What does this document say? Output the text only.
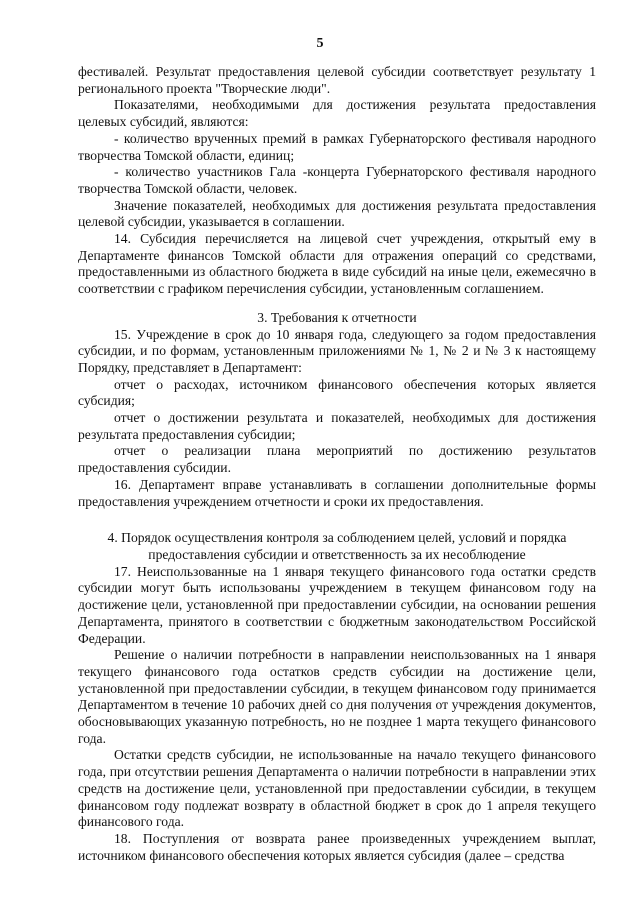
5

фестивалей. Результат предоставления целевой субсидии соответствует результату 1 регионального проекта "Творческие люди".

Показателями, необходимыми для достижения результата предоставления целевых субсидий, являются:

- количество врученных премий в рамках Губернаторского фестиваля народного творчества Томской области, единиц;

- количество участников Гала -концерта Губернаторского фестиваля народного творчества Томской области, человек.

Значение показателей, необходимых для достижения результата предоставления целевой субсидии, указывается в соглашении.

14. Субсидия перечисляется на лицевой счет учреждения, открытый ему в Департаменте финансов Томской области для отражения операций со средствами, предоставленными из областного бюджета в виде субсидий на иные цели, ежемесячно в соответствии с графиком перечисления субсидии, установленным соглашением.

3. Требования к отчетности

15. Учреждение в срок до 10 января года, следующего за годом предоставления субсидии, и по формам, установленным приложениями № 1, № 2 и № 3 к настоящему Порядку, представляет в Департамент:

отчет о расходах, источником финансового обеспечения которых является субсидия;

отчет о достижении результата и показателей, необходимых для достижения результата предоставления субсидии;

отчет о реализации плана мероприятий по достижению результатов предоставления субсидии.

16. Департамент вправе устанавливать в соглашении дополнительные формы предоставления учреждением отчетности и сроки их предоставления.

4. Порядок осуществления контроля за соблюдением целей, условий и порядка
предоставления субсидии и ответственность за их несоблюдение

17. Неиспользованные на 1 января текущего финансового года остатки средств субсидии могут быть использованы учреждением в текущем финансовом году на достижение цели, установленной при предоставлении субсидии, на основании решения Департамента, принятого в соответствии с бюджетным законодательством Российской Федерации.

Решение о наличии потребности в направлении неиспользованных на 1 января текущего финансового года остатков средств субсидии на достижение цели, установленной при предоставлении субсидии, в текущем финансовом году принимается Департаментом в течение 10 рабочих дней со дня получения от учреждения документов, обосновывающих указанную потребность, но не позднее 1 марта текущего финансового года.

Остатки средств субсидии, не использованные на начало текущего финансового года, при отсутствии решения Департамента о наличии потребности в направлении этих средств на достижение цели, установленной при предоставлении субсидии, в текущем финансовом году подлежат возврату в областной бюджет в срок до 1 апреля текущего финансового года.

18. Поступления от возврата ранее произведенных учреждением выплат, источником финансового обеспечения которых является субсидия (далее – средства
